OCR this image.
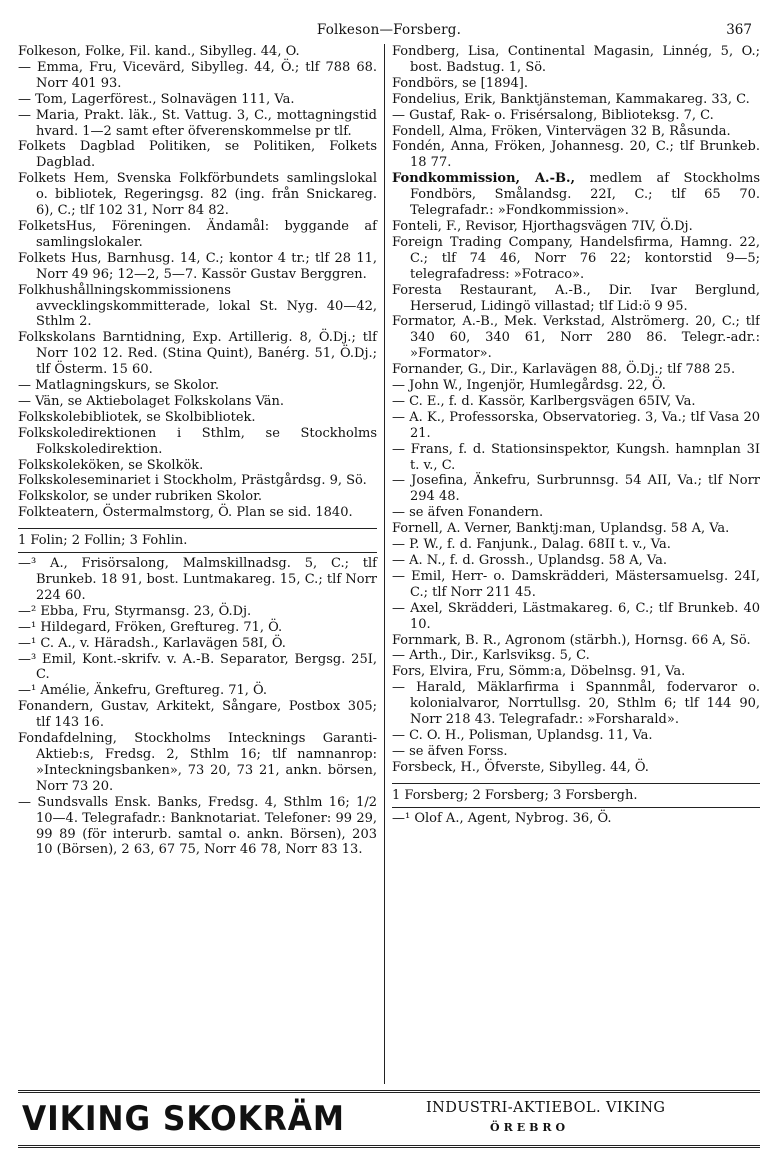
Folkeson—Forsberg.	367
Folkeson, Folke, Fil. kand., Sibylleg. 44, Ö.
— Emma, Fru, Vicevärd, Sibylleg. 44, Ö.; tlf 788 68. Norr 401 93.
— Tom, Lagerförest., Solnavägen 111, Va.
— Maria, Prakt. läk., St. Vattug. 3, C., mottagningstid hvard. 1—2 samt efter öfverenskommelse pr tlf.
Folkets Dagblad Politiken, se Politiken, Folkets Dagblad.
Folkets Hem, Svenska Folkförbundets samlingslokal o. bibliotek, Regeringsg. 82 (ing. från Snickareg. 6), C.; tlf 102 31, Norr 84 82.
FolketsHus, Föreningen. Ändamål: byggande af samlingslokaler.
Folkets Hus, Barnhusg. 14, C.; kontor 4 tr.; tlf 28 11, Norr 49 96; 12—2, 5—7. Kassör Gustav Berggren.
Folkhushållningskommissionens avvecklingskommitterade, lokal St. Nyg. 40—42, Sthlm 2.
Folkskolans Barntidning, Exp. Artillerig. 8, Ö.Dj.; tlf Norr 102 12. Red. (Stina Quint), Banérg. 51, Ö.Dj.; tlf Österm. 15 60.
— Matlagningskurs, se Skolor.
— Vän, se Aktiebolaget Folkskolans Vän.
Folkskolebibliotek, se Skolbibliotek.
Folkskoledirektionen i Sthlm, se Stockholms Folkskoledirektion.
Folkskoleköken, se Skolkök.
Folkskoleseminariet i Stockholm, Prästgårdsg. 9, Sö.
Folkskolor, se under rubriken Skolor.
Folkteatern, Östermalmstorg, Ö. Plan se sid. 1840.
1 Folin; 2 Follin; 3 Fohlin.
—³ A., Frisörsalong, Malmskillnadsg. 5, C.; tlf Brunkeb. 18 91, bost. Luntmakareg. 15, C.; tlf Norr 224 60.
—² Ebba, Fru, Styrmansg. 23, Ö.Dj.
—¹ Hildegard, Fröken, Greftureg. 71, Ö.
—¹ C. A., v. Häradsh., Karlavägen 58I, Ö.
—³ Emil, Kont.-skrifv. v. A.-B. Separator, Bergsg. 25I, C.
—¹ Amélie, Änkefru, Greftureg. 71, Ö.
Fonandern, Gustav, Arkitekt, Sångare, Postbox 305; tlf 143 16.
Fondafdelning, Stockholms Intecknings Garanti-Aktieb:s, Fredsg. 2, Sthlm 16; tlf namnanrop: »Inteckningsbanken», 73 20, 73 21, ankn. börsen, Norr 73 20.
— Sundsvalls Ensk. Banks, Fredsg. 4, Sthlm 16; 1/2 10—4. Telegrafadr.: Banknotariat. Telefoner: 99 29, 99 89 (för interurb. samtal o. ankn. Börsen), 203 10 (Börsen), 2 63, 67 75, Norr 46 78, Norr 83 13.
Fondberg, Lisa, Continental Magasin, Linnég, 5, Ö.; bost. Badstug. 1, Sö.
Fondbörs, se [1894].
Fondelius, Erik, Banktjänsteman, Kammakareg. 33, C.
— Gustaf, Rak- o. Frisérsalong, Biblioteksg. 7, C.
Fondell, Alma, Fröken, Vintervägen 32 B, Råsunda.
Fondén, Anna, Fröken, Johannesg. 20, C.; tlf Brunkeb. 18 77.
Fondkommission, A.-B., medlem af Stockholms Fondbörs, Smålandsg. 22I, C.; tlf 65 70. Telegrafadr.: »Fondkommission».
Fonteli, F., Revisor, Hjorthagsvägen 7IV, Ö.Dj.
Foreign Trading Company, Handelsfirma, Hamng. 22, C.; tlf 74 46, Norr 76 22; kontorstid 9—5; telegrafadress: »Fotraco».
Foresta Restaurant, A.-B., Dir. Ivar Berglund, Herserud, Lidingö villastad; tlf Lid:ö 9 95.
Formator, A.-B., Mek. Verkstad, Alströmerg. 20, C.; tlf 340 60, 340 61, Norr 280 86. Telegr.-adr.: »Formator».
Fornander, G., Dir., Karlavägen 88, Ö.Dj.; tlf 788 25.
— John W., Ingenjör, Humlegårdsg. 22, Ö.
— C. E., f. d. Kassör, Karlbergsvägen 65IV, Va.
— A. K., Professorska, Observatorieg. 3, Va.; tlf Vasa 20 21.
— Frans, f. d. Stationsinspektor, Kungsh. hamnplan 3I t. v., C.
— Josefina, Änkefru, Surbrunnsg. 54 AII, Va.; tlf Norr 294 48.
— se äfven Fonandern.
Fornell, A. Verner, Banktj:man, Uplandsg. 58 A, Va.
— P. W., f. d. Fanjunk., Dalag. 68II t. v., Va.
— A. N., f. d. Grossh., Uplandsg. 58 A, Va.
— Emil, Herr- o. Damskrädderi, Mästersamuelsg. 24I, C.; tlf Norr 211 45.
— Axel, Skrädderi, Lästmakareg. 6, C.; tlf Brunkeb. 40 10.
Fornmark, B. R., Agronom (stärbh.), Hornsg. 66 A, Sö.
— Arth., Dir., Karlsviksg. 5, C.
Fors, Elvira, Fru, Sömm:a, Döbelnsg. 91, Va.
— Harald, Mäklarfirma i Spannmål, fodervaror o. kolonialvaror, Norrtullsg. 20, Sthlm 6; tlf 144 90, Norr 218 43. Telegrafadr.: »Forsharald».
— C. O. H., Polisman, Uplandsg. 11, Va.
— se äfven Forss.
Forsbeck, H., Öfverste, Sibylleg. 44, Ö.
1 Forsberg; 2 Forsberg; 3 Forsbergh.
—¹ Olof A., Agent, Nybrog. 36, Ö.
VIKING SKOKRÄM	INDUSTRI-AKTIEBOL. VIKING
ÖREBRO
